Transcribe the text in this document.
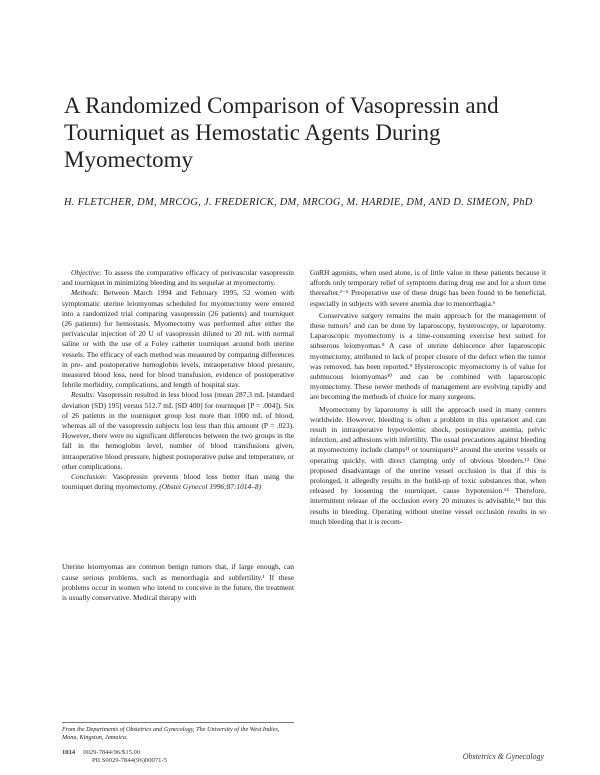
A Randomized Comparison of Vasopressin and Tourniquet as Hemostatic Agents During Myomectomy
H. FLETCHER, DM, MRCOG, J. FREDERICK, DM, MRCOG, M. HARDIE, DM, AND D. SIMEON, PhD

Objective: To assess the comparative efficacy of perivascular vasopressin and tourniquet in minimizing bleeding and its sequelae at myomectomy.

Methods: Between March 1994 and February 1995, 52 women with symptomatic uterine leiomyomas scheduled for myomectomy were entered into a randomized trial comparing vasopressin (26 patients) and tourniquet (26 patients) for hemostasis. Myomectomy was performed after either the perivascular injection of 20 U of vasopressin diluted to 20 mL with normal saline or with the use of a Foley catheter tourniquet around both uterine vessels. The efficacy of each method was measured by comparing differences in pre- and postoperative hemoglobin levels, intraoperative blood pressure, measured blood loss, need for blood transfusion, evidence of postoperative febrile morbidity, complications, and length of hospital stay.

Results: Vasopressin resulted in less blood loss (mean 287.3 mL [standard deviation (SD) 195] versus 512.7 mL [SD 400] for tourniquet [P = .004]). Six of 26 patients in the tourniquet group lost more than 1000 mL of blood, whereas all of the vasopressin subjects lost less than this amount (P = .023). However, there were no significant differences between the two groups in the fall in the hemoglobin level, number of blood transfusions given, intraoperative blood pressure, highest postoperative pulse and temperature, or other complications.

Conclusion: Vasopressin prevents blood loss better than using the tourniquet during myomectomy. (Obstet Gynecol 1996;87:1014–8)

Uterine leiomyomas are common benign tumors that, if large enough, can cause serious problems, such as menorrhagia and subfertility.¹ If these problems occur in women who intend to conceive in the future, the treatment is usually conservative. Medical therapy with

GnRH agonists, when used alone, is of little value in these patients because it affords only temporary relief of symptoms during drug use and for a short time thereafter.²⁻⁵ Preoperative use of these drugs has been found to be beneficial, especially in subjects with severe anemia due to menorrhagia.⁶

Conservative surgery remains the main approach for the management of these tumors⁷ and can be done by laparoscopy, hysteroscopy, or laparotomy. Laparoscopic myomectomy is a time-consuming exercise best suited for subserous leiomyomas.⁸ A case of uterine dehiscence after laparoscopic myomectomy, attributed to lack of proper closure of the defect when the tumor was removed, has been reported.⁹ Hysteroscopic myomectomy is of value for submucous leiomyomas¹⁰ and can be combined with laparoscopic myomectomy. These newer methods of management are evolving rapidly and are becoming the methods of choice for many surgeons.

Myomectomy by laparotomy is still the approach used in many centers worldwide. However, bleeding is often a problem in this operation and can result in intraoperative hypovolemic shock, postoperative anemia, pelvic infection, and adhesions with infertility. The usual precautions against bleeding at myomectomy include clamps¹¹ or tourniquets¹² around the uterine vessels or operating quickly, with direct clamping only of obvious bleeders.¹³ One proposed disadvantage of the uterine vessel occlusion is that if this is prolonged, it allegedly results in the build-up of toxic substances that, when released by loosening the tourniquet, cause hypotension.¹⁴ Therefore, intermittent release of the occlusion every 20 minutes is advisable,¹⁵ but this results in bleeding. Operating without uterine vessel occlusion results in so much bleeding that it is recom-

From the Departments of Obstetrics and Gynecology, The University of the West Indies, Mona, Kingston, Jamaica.
1014 0029-7844/96/$15.00
PII S0029-7844(96)00071-5	Obstetrics & Gynecology
